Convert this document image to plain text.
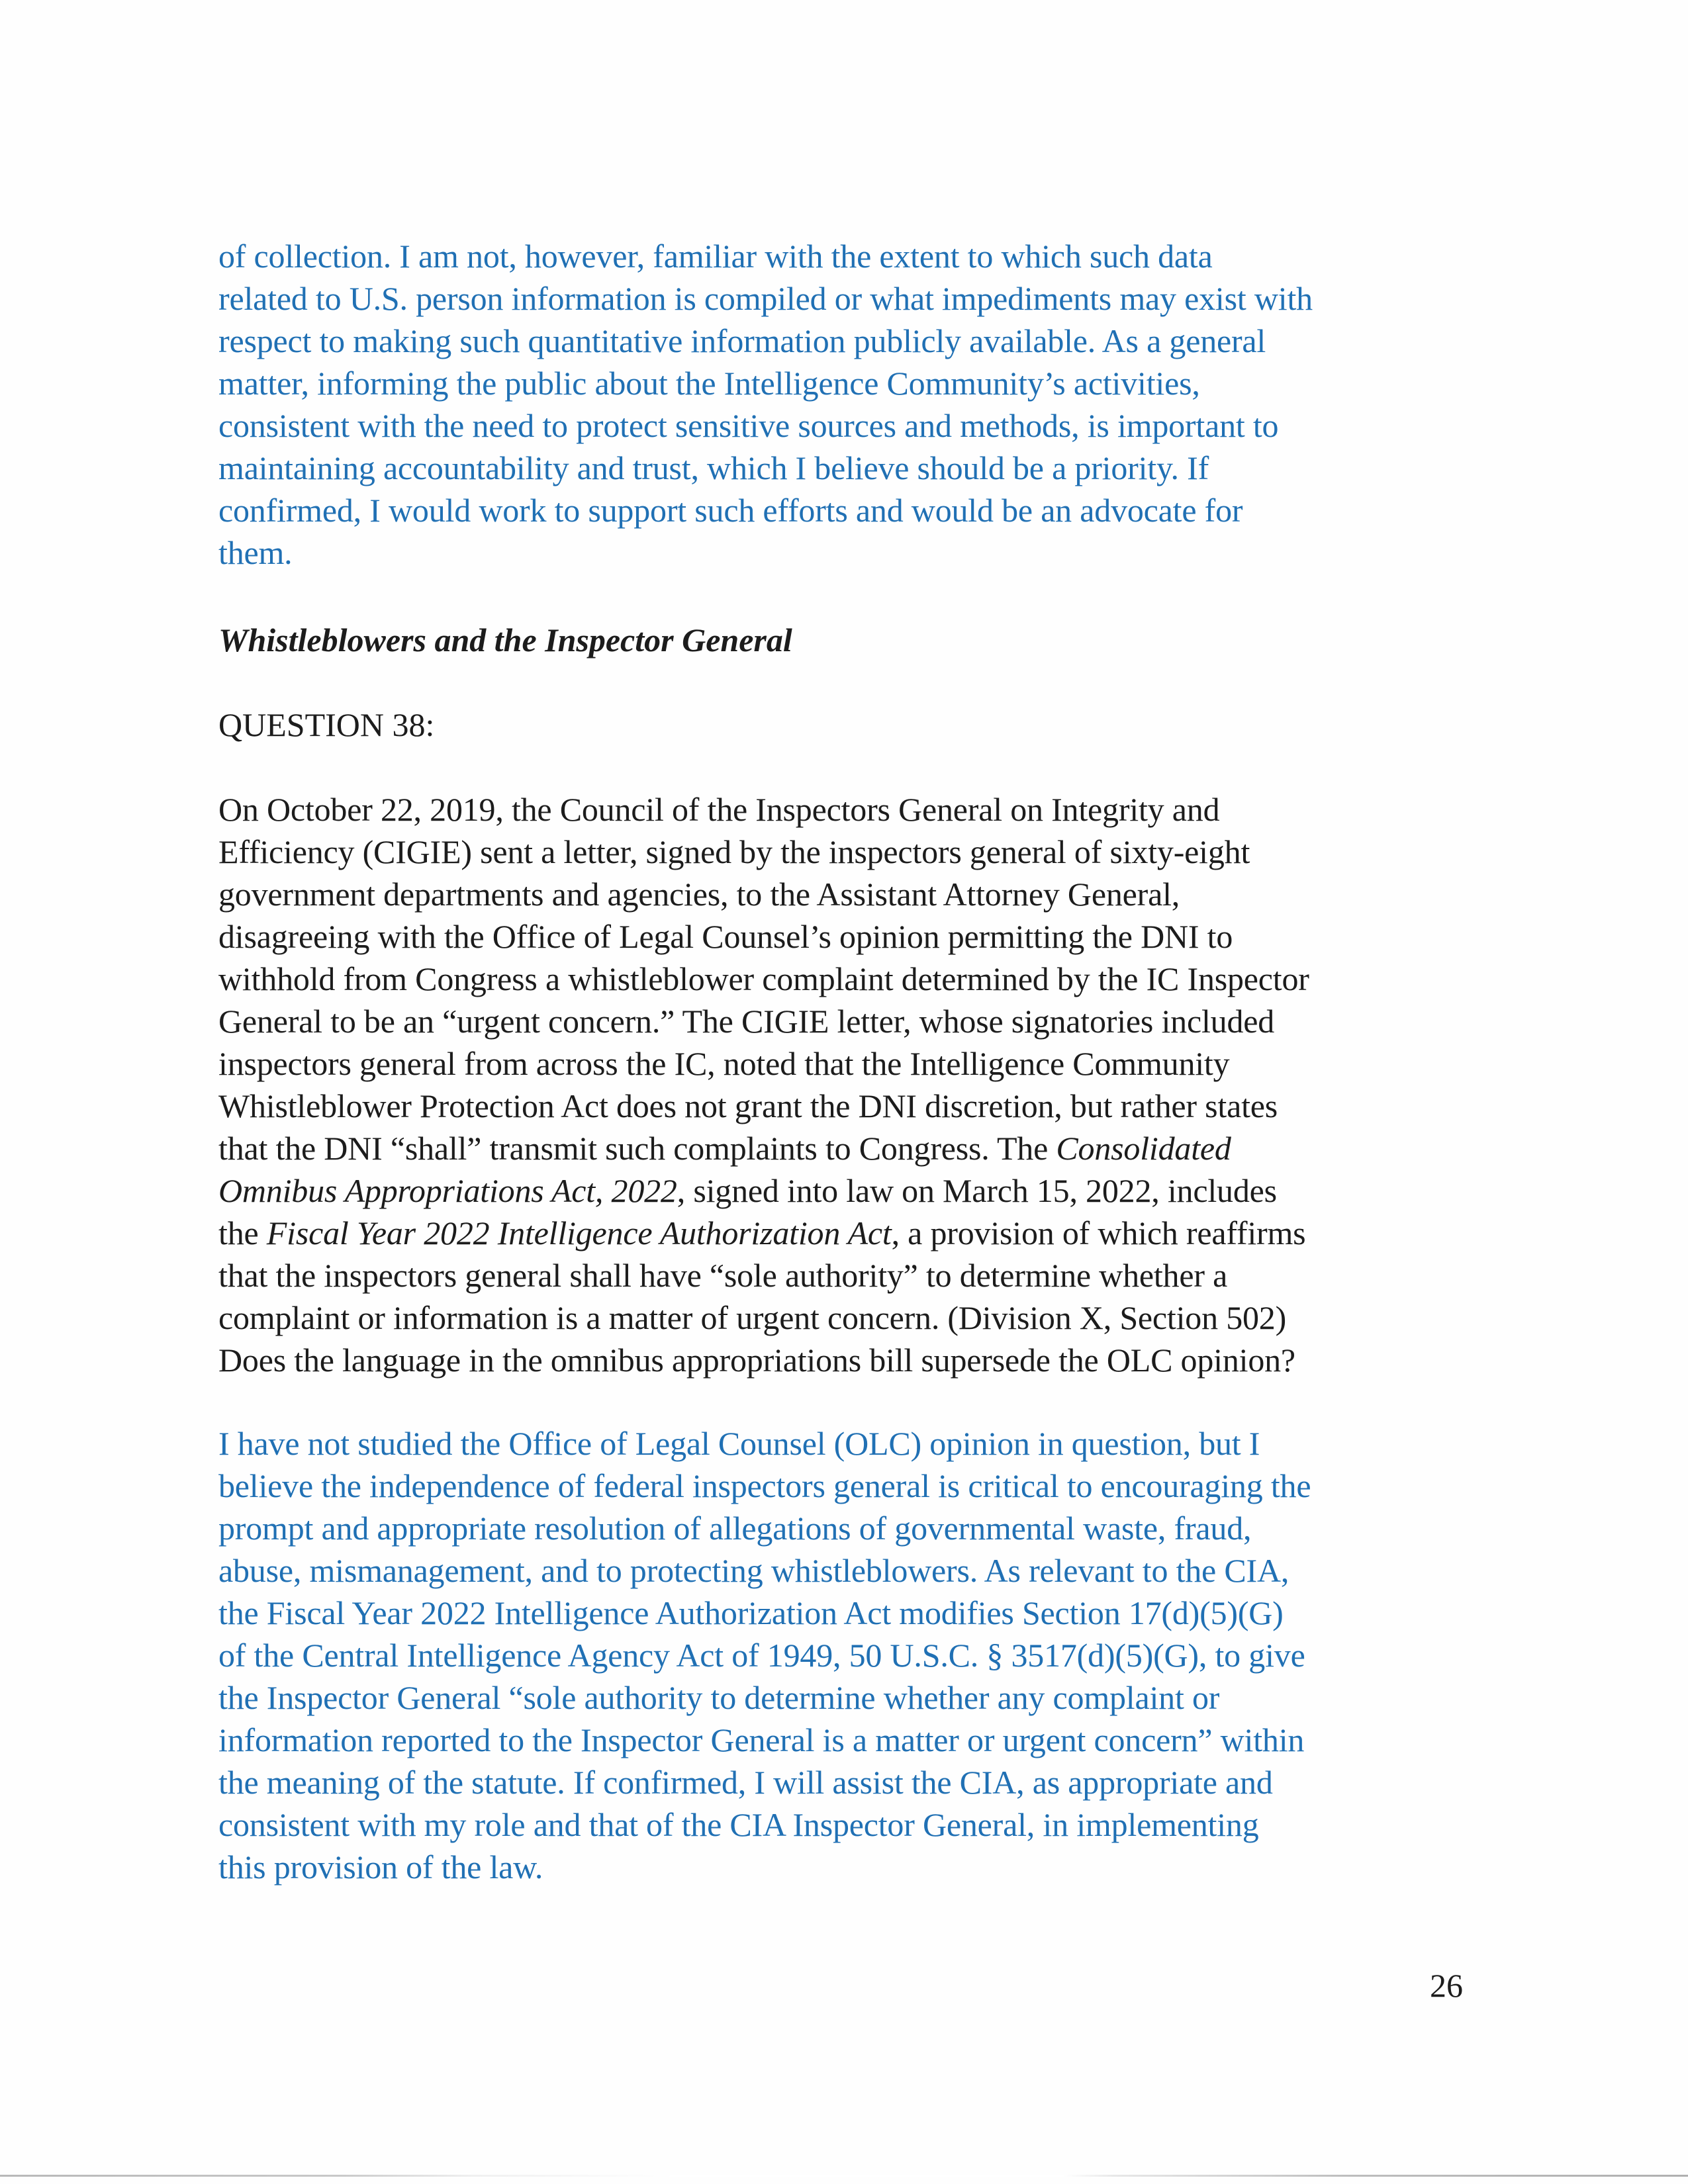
of collection. I am not, however, familiar with the extent to which such data
related to U.S. person information is compiled or what impediments may exist with
respect to making such quantitative information publicly available. As a general
matter, informing the public about the Intelligence Community’s activities,
consistent with the need to protect sensitive sources and methods, is important to
maintaining accountability and trust, which I believe should be a priority. If
confirmed, I would work to support such efforts and would be an advocate for
them.
Whistleblowers and the Inspector General

QUESTION 38:

On October 22, 2019, the Council of the Inspectors General on Integrity and
Efficiency (CIGIE) sent a letter, signed by the inspectors general of sixty-eight
government departments and agencies, to the Assistant Attorney General,
disagreeing with the Office of Legal Counsel’s opinion permitting the DNI to
withhold from Congress a whistleblower complaint determined by the IC Inspector
General to be an “urgent concern.” The CIGIE letter, whose signatories included
inspectors general from across the IC, noted that the Intelligence Community
Whistleblower Protection Act does not grant the DNI discretion, but rather states
that the DNI “shall” transmit such complaints to Congress. The Consolidated
Omnibus Appropriations Act, 2022, signed into law on March 15, 2022, includes
the Fiscal Year 2022 Intelligence Authorization Act, a provision of which reaffirms
that the inspectors general shall have “sole authority” to determine whether a
complaint or information is a matter of urgent concern. (Division X, Section 502)
Does the language in the omnibus appropriations bill supersede the OLC opinion?
I have not studied the Office of Legal Counsel (OLC) opinion in question, but I
believe the independence of federal inspectors general is critical to encouraging the
prompt and appropriate resolution of allegations of governmental waste, fraud,
abuse, mismanagement, and to protecting whistleblowers. As relevant to the CIA,
the Fiscal Year 2022 Intelligence Authorization Act modifies Section 17(d)(5)(G)
of the Central Intelligence Agency Act of 1949, 50 U.S.C. § 3517(d)(5)(G), to give
the Inspector General “sole authority to determine whether any complaint or
information reported to the Inspector General is a matter or urgent concern” within
the meaning of the statute. If confirmed, I will assist the CIA, as appropriate and
consistent with my role and that of the CIA Inspector General, in implementing
this provision of the law.
26
